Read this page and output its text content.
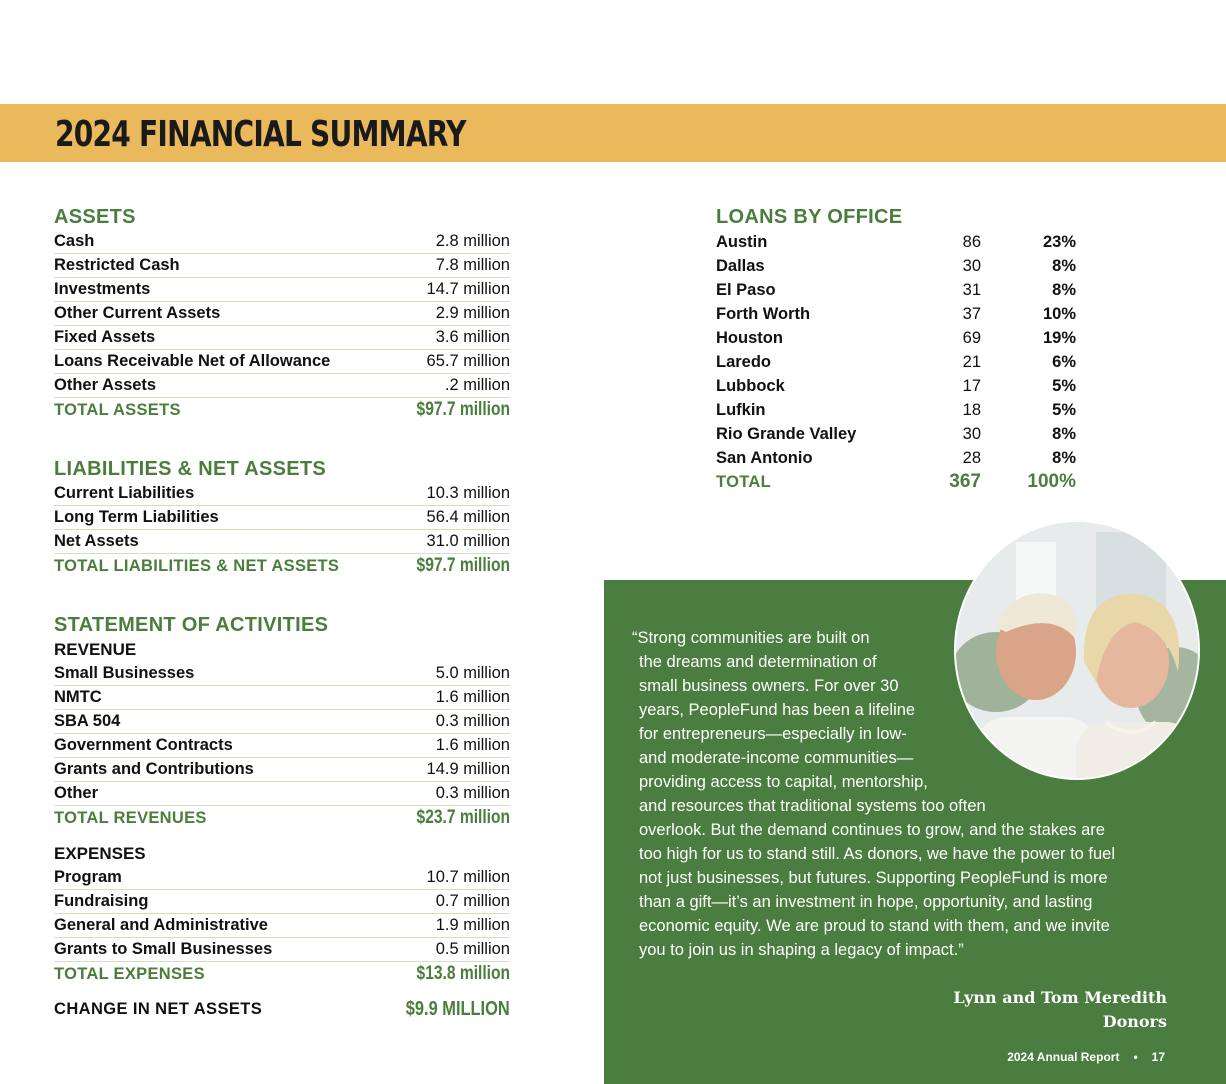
2024 FINANCIAL SUMMARY
ASSETS
Cash	2.8 million
Restricted Cash	7.8 million
Investments	14.7 million
Other Current Assets	2.9 million
Fixed Assets	3.6 million
Loans Receivable Net of Allowance	65.7 million
Other Assets	.2 million
TOTAL ASSETS	$97.7 million
LIABILITIES & NET ASSETS
Current Liabilities	10.3 million
Long Term Liabilities	56.4 million
Net Assets	31.0 million
TOTAL LIABILITIES & NET ASSETS	$97.7 million
STATEMENT OF ACTIVITIES
REVENUE
Small Businesses	5.0 million
NMTC	1.6 million
SBA 504	0.3 million
Government Contracts	1.6 million
Grants and Contributions	14.9 million
Other	0.3 million
TOTAL REVENUES	$23.7 million
EXPENSES
Program	10.7 million
Fundraising	0.7 million
General and Administrative	1.9 million
Grants to Small Businesses	0.5 million
TOTAL EXPENSES	$13.8 million
CHANGE IN NET ASSETS	$9.9 MILLION
LOANS BY OFFICE
Austin	86	23%
Dallas	30	8%
El Paso	31	8%
Forth Worth	37	10%
Houston	69	19%
Laredo	21	6%
Lubbock	17	5%
Lufkin	18	5%
Rio Grande Valley	30	8%
San Antonio	28	8%
TOTAL	367	100%
“Strong communities are built on
the dreams and determination of
small business owners. For over 30
years, PeopleFund has been a lifeline
for entrepreneurs—especially in low-
and moderate-income communities—
providing access to capital, mentorship,
and resources that traditional systems too often
overlook. But the demand continues to grow, and the stakes are
too high for us to stand still. As donors, we have the power to fuel
not just businesses, but futures. Supporting PeopleFund is more
than a gift—it’s an investment in hope, opportunity, and lasting
economic equity. We are proud to stand with them, and we invite
you to join us in shaping a legacy of impact.”
Lynn and Tom Meredith
Donors
2024 Annual Report • 17
